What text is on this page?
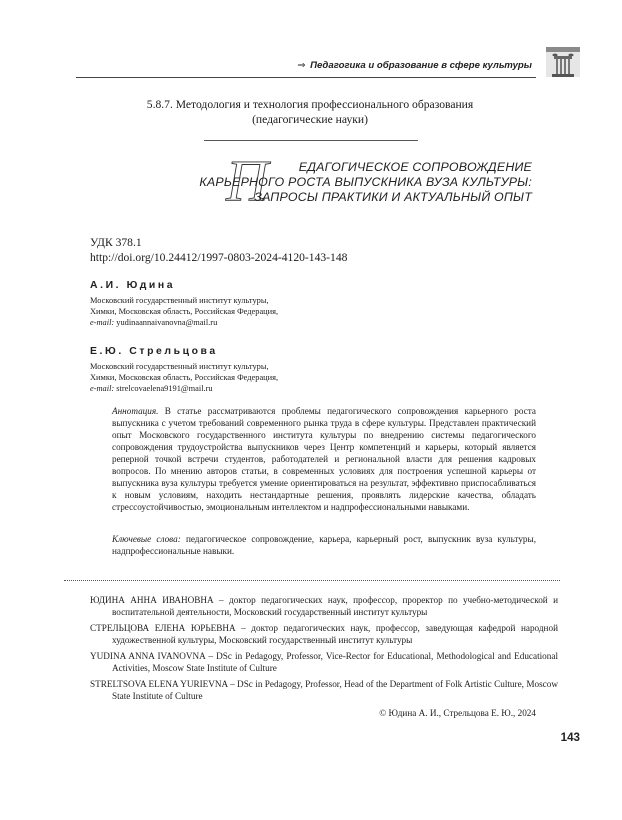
⇒ Педагогика и образование в сфере культуры
5.8.7. Методология и технология профессионального образования
(педагогические науки)
П	ЕДАГОГИЧЕСКОЕ СОПРОВОЖДЕНИЕ
КАРЬЕРНОГО РОСТА ВЫПУСКНИКА ВУЗА КУЛЬТУРЫ:
ЗАПРОСЫ ПРАКТИКИ И АКТУАЛЬНЫЙ ОПЫТ
УДК 378.1
http://doi.org/10.24412/1997-0803-2024-4120-143-148
А.И. Юдина
Московский государственный институт культуры,
Химки, Московская область, Российская Федерация,
e-mail: yudinaannaivanovna@mail.ru
Е.Ю. Стрельцова
Московский государственный институт культуры,
Химки, Московская область, Российская Федерация,
e-mail: strelcovaelena9191@mail.ru
Аннотация. В статье рассматриваются проблемы педагогического сопровождения карьерного роста выпускника с учетом требований современного рынка труда в сфере культуры. Представлен практический опыт Московского государственного института культуры по внедрению системы педагогического сопровождения трудоустройства выпускников через Центр компетенций и карьеры, который является реперной точкой встречи студентов, работодателей и региональной власти для решения кадровых вопросов. По мнению авторов статьи, в современных условиях для построения успешной карьеры от выпускника вуза культуры требуется умение ориентироваться на результат, эффективно приспосабливаться к новым условиям, находить нестандартные решения, проявлять лидерские качества, обладать стрессоустойчивостью, эмоциональным интеллектом и надпрофессиональными навыками.
Ключевые слова: педагогическое сопровождение, карьера, карьерный рост, выпускник вуза культуры, надпрофессиональные навыки.
ЮДИНА АННА ИВАНОВНА – доктор педагогических наук, профессор, проректор по учебно-методической и воспитательной деятельности, Московский государственный институт культуры
СТРЕЛЬЦОВА ЕЛЕНА ЮРЬЕВНА – доктор педагогических наук, профессор, заведующая кафедрой народной художественной культуры, Московский государственный институт культуры
YUDINA ANNA IVANOVNA – DSc in Pedagogy, Professor, Vice-Rector for Educational, Methodological and Educational Activities, Moscow State Institute of Culture
STRELTSOVA ELENA YURIEVNA – DSc in Pedagogy, Professor, Head of the Department of Folk Artistic Culture, Moscow State Institute of Culture
© Юдина А. И., Стрельцова Е. Ю., 2024
143
